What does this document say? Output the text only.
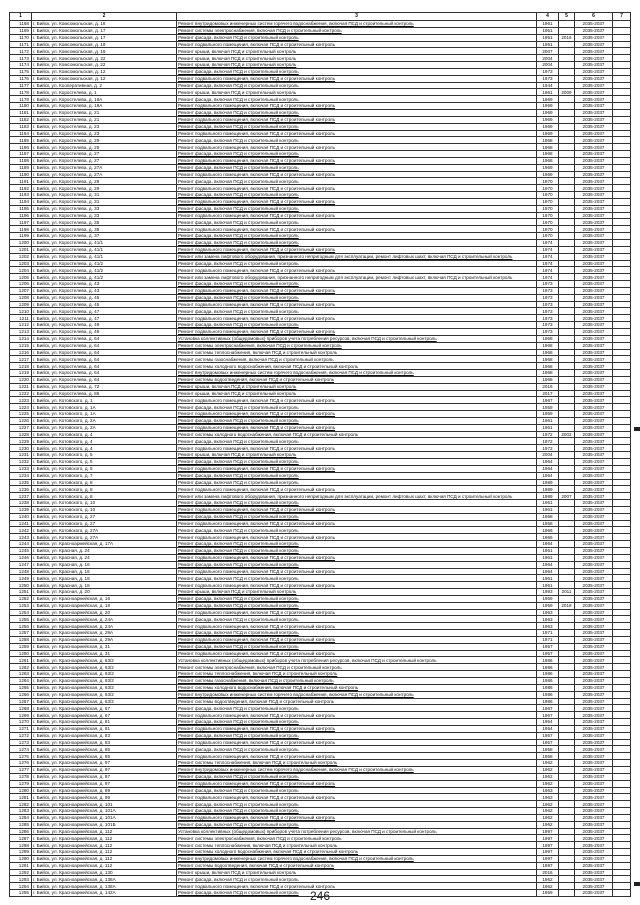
1	2	3	4	5	6	7
1168	г. Бийск, ул. Комсомольская, д. 16	Ремонт внутридомовых инженерных систем горячего водоснабжения, включая ПСД и строительный контроль	1961		2035-2037	
1169	г. Бийск, ул. Комсомольская, д. 17	Ремонт системы электроснабжения, включая ПСД и строительный контроль	1951		2035-2037	
1170	г. Бийск, ул. Комсомольская, д. 17	Ремонт фасада, включая ПСД и строительный контроль	1951	2016	2035-2037	
1171	г. Бийск, ул. Комсомольская, д. 19	Ремонт подвального помещения, включая ПСД и строительный контроль	1951		2035-2037	
1172	г. Бийск, ул. Комсомольская, д. 19	Ремонт крыши, включая ПСД и строительный контроль	2007		2035-2037	
1173	г. Бийск, ул. Комсомольская, д. 22	Ремонт крыши, включая ПСД и строительный контроль	2004		2035-2037	
1174	г. Бийск, ул. Комсомольская, д. 22	Ремонт крыши, включая ПСД и строительный контроль	2004		2035-2037	
1175	г. Бийск, ул. Комсомольская, д. 12	Ремонт фасада, включая ПСД и строительный контроль	1973		2035-2037	
1176	г. Бийск, ул. Комсомольская, д. 12	Ремонт подвального помещения, включая ПСД и строительный контроль	1973		2035-2037	
1177	г. Бийск, ул. Кооперативная, д. 2	Ремонт фасада, включая ПСД и строительный контроль	1944		2035-2037	
1178	г. Бийск, ул. Коростелева, д. 1	Ремонт крыши, включая ПСД и строительный контроль	1961	2009	2035-2037	
1179	г. Бийск, ул. Коростелева, д. 19А	Ремонт фасада, включая ПСД и строительный контроль	1969		2035-2037	
1180	г. Бийск, ул. Коростелева, д. 19А	Ремонт подвального помещения, включая ПСД и строительный контроль	1969		2035-2037	
1181	г. Бийск, ул. Коростелева, д. 21	Ремонт фасада, включая ПСД и строительный контроль	1969		2035-2037	
1182	г. Бийск, ул. Коростелева, д. 21	Ремонт подвального помещения, включая ПСД и строительный контроль	1969		2035-2037	
1183	г. Бийск, ул. Коростелева, д. 23	Ремонт фасада, включая ПСД и строительный контроль	1969		2035-2037	
1184	г. Бийск, ул. Коростелева, д. 23	Ремонт подвального помещения, включая ПСД и строительный контроль	1969		2035-2037	
1185	г. Бийск, ул. Коростелева, д. 25	Ремонт фасада, включая ПСД и строительный контроль	1968		2035-2037	
1186	г. Бийск, ул. Коростелева, д. 25	Ремонт подвального помещения, включая ПСД и строительный контроль	1968		2035-2037	
1187	г. Бийск, ул. Коростелева, д. 27	Ремонт фасада, включая ПСД и строительный контроль	1968		2035-2037	
1188	г. Бийск, ул. Коростелева, д. 27	Ремонт подвального помещения, включая ПСД и строительный контроль	1968		2035-2037	
1189	г. Бийск, ул. Коростелева, д. 27А	Ремонт фасада, включая ПСД и строительный контроль	1969		2035-2037	
1190	г. Бийск, ул. Коростелева, д. 27А	Ремонт подвального помещения, включая ПСД и строительный контроль	1969		2035-2037	
1191	г. Бийск, ул. Коростелева, д. 29	Ремонт фасада, включая ПСД и строительный контроль	1970		2035-2037	
1192	г. Бийск, ул. Коростелева, д. 29	Ремонт подвального помещения, включая ПСД и строительный контроль	1970		2035-2037	
1193	г. Бийск, ул. Коростелева, д. 31	Ремонт фасада, включая ПСД и строительный контроль	1970		2035-2037	
1194	г. Бийск, ул. Коростелева, д. 31	Ремонт подвального помещения, включая ПСД и строительный контроль	1970		2035-2037	
1195	г. Бийск, ул. Коростелева, д. 33	Ремонт фасада, включая ПСД и строительный контроль	1970		2035-2037	
1196	г. Бийск, ул. Коростелева, д. 33	Ремонт подвального помещения, включая ПСД и строительный контроль	1970		2035-2037	
1197	г. Бийск, ул. Коростелева, д. 35	Ремонт фасада, включая ПСД и строительный контроль	1970		2035-2037	
1198	г. Бийск, ул. Коростелева, д. 35	Ремонт подвального помещения, включая ПСД и строительный контроль	1970		2035-2037	
1199	г. Бийск, ул. Коростелева, д. 37	Ремонт фасада, включая ПСД и строительный контроль	1970		2035-2037	
1200	г. Бийск, ул. Коростелева, д. 41/1	Ремонт фасада, включая ПСД и строительный контроль	1974		2035-2037	
1201	г. Бийск, ул. Коростелева, д. 41/1	Ремонт подвального помещения, включая ПСД и строительный контроль	1974		2035-2037	
1202	г. Бийск, ул. Коростелева, д. 41/1	Ремонт или замена лифтового оборудования, признанного непригодным для эксплуатации, ремонт лифтовых шахт, включая ПСД и строительный контроль	1974		2035-2037	
1203	г. Бийск, ул. Коростелева, д. 41/2	Ремонт фасада, включая ПСД и строительный контроль	1974		2035-2037	
1204	г. Бийск, ул. Коростелева, д. 41/2	Ремонт подвального помещения, включая ПСД и строительный контроль	1974		2035-2037	
1205	г. Бийск, ул. Коростелева, д. 41/2	Ремонт или замена лифтового оборудования, признанного непригодным для эксплуатации, ремонт лифтовых шахт, включая ПСД и строительный контроль	1974		2035-2037	
1206	г. Бийск, ул. Коростелева, д. 43	Ремонт фасада, включая ПСД и строительный контроль	1973		2035-2037	
1207	г. Бийск, ул. Коростелева, д. 43	Ремонт подвального помещения, включая ПСД и строительный контроль	1973		2035-2037	
1208	г. Бийск, ул. Коростелева, д. 45	Ремонт фасада, включая ПСД и строительный контроль	1973		2035-2037	
1209	г. Бийск, ул. Коростелева, д. 45	Ремонт подвального помещения, включая ПСД и строительный контроль	1973		2035-2037	
1210	г. Бийск, ул. Коростелева, д. 47	Ремонт фасада, включая ПСД и строительный контроль	1973		2035-2037	
1211	г. Бийск, ул. Коростелева, д. 47	Ремонт подвального помещения, включая ПСД и строительный контроль	1973		2035-2037	
1212	г. Бийск, ул. Коростелева, д. 49	Ремонт фасада, включая ПСД и строительный контроль	1973		2035-2037	
1213	г. Бийск, ул. Коростелева, д. 49	Ремонт подвального помещения, включая ПСД и строительный контроль	1973		2035-2037	
1214	г. Бийск, ул. Коростелева, д. 64	Установка коллективных (общедомовых) приборов учета потребления ресурсов, включая ПСД и строительный контроль	1968		2035-2037	
1215	г. Бийск, ул. Коростелева, д. 64	Ремонт системы электроснабжения, включая ПСД и строительный контроль	1968		2035-2037	
1216	г. Бийск, ул. Коростелева, д. 64	Ремонт системы теплоснабжения, включая ПСД и строительный контроль	1968		2035-2037	
1217	г. Бийск, ул. Коростелева, д. 64	Ремонт системы газоснабжения, включая ПСД и строительный контроль	1968		2035-2037	
1218	г. Бийск, ул. Коростелева, д. 64	Ремонт системы холодного водоснабжения, включая ПСД и строительный контроль	1968		2035-2037	
1219	г. Бийск, ул. Коростелева, д. 64	Ремонт внутридомовых инженерных систем горячего водоснабжения, включая ПСД и строительный контроль	1968		2035-2037	
1220	г. Бийск, ул. Коростелева, д. 64	Ремонт системы водоотведения, включая ПСД и строительный контроль	1968		2035-2037	
1221	г. Бийск, ул. Коростелева, д. 72	Ремонт крыши, включая ПСД и строительный контроль	2016		2035-2037	
1222	г. Бийск, ул. Коростелева, д. 86	Ремонт крыши, включая ПСД и строительный контроль	2017		2035-2037	
1223	г. Бийск, ул. Котовского, д. 1	Ремонт подвального помещения, включая ПСД и строительный контроль	1967		2035-2037	
1224	г. Бийск, ул. Котовского, д. 1А	Ремонт фасада, включая ПСД и строительный контроль	1959		2035-2037	
1225	г. Бийск, ул. Котовского, д. 1А	Ремонт подвального помещения, включая ПСД и строительный контроль	1959		2035-2037	
1226	г. Бийск, ул. Котовского, д. 2А	Ремонт фасада, включая ПСД и строительный контроль	1961		2035-2037	
1227	г. Бийск, ул. Котовского, д. 2А	Ремонт подвального помещения, включая ПСД и строительный контроль	1961		2035-2037	
1228	г. Бийск, ул. Котовского, д. 4	Ремонт системы холодного водоснабжения, включая ПСД и строительный контроль	1972	2002	2035-2037	
1229	г. Бийск, ул. Котовского, д. 4	Ремонт фасада, включая ПСД и строительный контроль	1972		2035-2037	
1230	г. Бийск, ул. Котовского, д. 4	Ремонт подвального помещения, включая ПСД и строительный контроль	1972		2035-2037	
1231	г. Бийск, ул. Котовского, д. 5	Ремонт крыши, включая ПСД и строительный контроль	2004		2035-2037	
1232	г. Бийск, ул. Котовского, д. 5	Ремонт фасада, включая ПСД и строительный контроль	1964		2035-2037	
1233	г. Бийск, ул. Котовского, д. 5	Ремонт подвального помещения, включая ПСД и строительный контроль	1964		2035-2037	
1234	г. Бийск, ул. Котовского, д. 7	Ремонт фасада, включая ПСД и строительный контроль	1964		2035-2037	
1235	г. Бийск, ул. Котовского, д. 8	Ремонт фасада, включая ПСД и строительный контроль	1989		2035-2037	
1236	г. Бийск, ул. Котовского, д. 8	Ремонт подвального помещения, включая ПСД и строительный контроль	1989		2035-2037	
1237	г. Бийск, ул. Котовского, д. 8	Ремонт или замена лифтового оборудования, признанного непригодным для эксплуатации, ремонт лифтовых шахт, включая ПСД и строительный контроль	1989	2007	2035-2037	
1238	г. Бийск, ул. Котовского, д. 10	Ремонт фасада, включая ПСД и строительный контроль	1961		2035-2037	
1239	г. Бийск, ул. Котовского, д. 10	Ремонт подвального помещения, включая ПСД и строительный контроль	1961		2035-2037	
1240	г. Бийск, ул. Котовского, д. 27	Ремонт фасада, включая ПСД и строительный контроль	1958		2035-2037	
1241	г. Бийск, ул. Котовского, д. 27	Ремонт подвального помещения, включая ПСД и строительный контроль	1958		2035-2037	
1242	г. Бийск, ул. Котовского, д. 27А	Ремонт фасада, включая ПСД и строительный контроль	1966		2035-2037	
1243	г. Бийск, ул. Котовского, д. 27А	Ремонт подвального помещения, включая ПСД и строительный контроль	1966		2035-2037	
1244	г. Бийск, ул. Красноармейская, д. 17А	Ремонт фасада, включая ПСД и строительный контроль	1964		2035-2037	
1245	г. Бийск, ул. Красная, д. 24	Ремонт фасада, включая ПСД и строительный контроль	1961		2035-2037	
1246	г. Бийск, ул. Красная, д. 24	Ремонт подвального помещения, включая ПСД и строительный контроль	1961		2035-2037	
1247	г. Бийск, ул. Красная, д. 16	Ремонт фасада, включая ПСД и строительный контроль	1964		2035-2037	
1248	г. Бийск, ул. Красная, д. 16	Ремонт подвального помещения, включая ПСД и строительный контроль	1964		2035-2037	
1249	г. Бийск, ул. Красная, д. 18	Ремонт фасада, включая ПСД и строительный контроль	1961		2035-2037	
1250	г. Бийск, ул. Красная, д. 18	Ремонт подвального помещения, включая ПСД и строительный контроль	1961		2035-2037	
1251	г. Бийск, ул. Красная, д. 20	Ремонт крыши, включая ПСД и строительный контроль	1993	2011	2035-2037	
1252	г. Бийск, ул. Красноармейская, д. 16	Ремонт фасада, включая ПСД и строительный контроль	1959		2035-2037	
1253	г. Бийск, ул. Красноармейская, д. 18	Ремонт фасада, включая ПСД и строительный контроль	1959	2018	2035-2037	
1254	г. Бийск, ул. Красноармейская, д. 20	Ремонт подвального помещения, включая ПСД и строительный контроль	1963		2035-2037	
1255	г. Бийск, ул. Красноармейская, д. 24А	Ремонт фасада, включая ПСД и строительный контроль	1963		2035-2037	
1256	г. Бийск, ул. Красноармейская, д. 24А	Ремонт подвального помещения, включая ПСД и строительный контроль	1963		2035-2037	
1257	г. Бийск, ул. Красноармейская, д. 29А	Ремонт фасада, включая ПСД и строительный контроль	1971		2035-2037	
1258	г. Бийск, ул. Красноармейская, д. 29А	Ремонт подвального помещения, включая ПСД и строительный контроль	1971		2035-2037	
1259	г. Бийск, ул. Красноармейская, д. 31	Ремонт фасада, включая ПСД и строительный контроль	1957		2035-2037	
1260	г. Бийск, ул. Красноармейская, д. 31	Ремонт подвального помещения, включая ПСД и строительный контроль	1957		2035-2037	
1261	г. Бийск, ул. Красноармейская, д. 63/2	Установка коллективных (общедомовых) приборов учета потребления ресурсов, включая ПСД и строительный контроль	1986		2035-2037	
1262	г. Бийск, ул. Красноармейская, д. 63/2	Ремонт системы электроснабжения, включая ПСД и строительный контроль	1986		2035-2037	
1263	г. Бийск, ул. Красноармейская, д. 63/2	Ремонт системы теплоснабжения, включая ПСД и строительный контроль	1986		2035-2037	
1264	г. Бийск, ул. Красноармейская, д. 63/2	Ремонт системы газоснабжения, включая ПСД и строительный контроль	1986		2035-2037	
1265	г. Бийск, ул. Красноармейская, д. 63/2	Ремонт системы холодного водоснабжения, включая ПСД и строительный контроль	1986		2035-2037	
1266	г. Бийск, ул. Красноармейская, д. 63/2	Ремонт внутридомовых инженерных систем горячего водоснабжения, включая ПСД и строительный контроль	1986		2035-2037	
1267	г. Бийск, ул. Красноармейская, д. 63/2	Ремонт системы водоотведения, включая ПСД и строительный контроль	1986		2035-2037	
1268	г. Бийск, ул. Красноармейская, д. 67	Ремонт фасада, включая ПСД и строительный контроль	1967		2035-2037	
1269	г. Бийск, ул. Красноармейская, д. 67	Ремонт подвального помещения, включая ПСД и строительный контроль	1967		2035-2037	
1270	г. Бийск, ул. Красноармейская, д. 81	Ремонт фасада, включая ПСД и строительный контроль	1954		2035-2037	
1271	г. Бийск, ул. Красноармейская, д. 81	Ремонт подвального помещения, включая ПСД и строительный контроль	1954		2035-2037	
1272	г. Бийск, ул. Красноармейская, д. 83	Ремонт фасада, включая ПСД и строительный контроль	1957		2035-2037	
1273	г. Бийск, ул. Красноармейская, д. 83	Ремонт подвального помещения, включая ПСД и строительный контроль	1957		2035-2037	
1274	г. Бийск, ул. Красноармейская, д. 85	Ремонт фасада, включая ПСД и строительный контроль	1958		2035-2037	
1275	г. Бийск, ул. Красноармейская, д. 85	Ремонт подвального помещения, включая ПСД и строительный контроль	1958		2035-2037	
1276	г. Бийск, ул. Красноармейская, д. 97	Ремонт системы теплоснабжения, включая ПСД и строительный контроль	1962		2035-2037	
1277	г. Бийск, ул. Красноармейская, д. 97	Ремонт внутридомовых инженерных систем горячего водоснабжения, включая ПСД и строительный контроль	1962		2035-2037	
1278	г. Бийск, ул. Красноармейская, д. 97	Ремонт фасада, включая ПСД и строительный контроль	1962		2035-2037	
1279	г. Бийск, ул. Красноармейская, д. 97	Ремонт подвального помещения, включая ПСД и строительный контроль	1962		2035-2037	
1280	г. Бийск, ул. Красноармейская, д. 99	Ремонт фасада, включая ПСД и строительный контроль	1963		2035-2037	
1281	г. Бийск, ул. Красноармейская, д. 99	Ремонт подвального помещения, включая ПСД и строительный контроль	1963		2035-2037	
1282	г. Бийск, ул. Красноармейская, д. 101	Ремонт фасада, включая ПСД и строительный контроль	1962		2035-2037	
1283	г. Бийск, ул. Красноармейская, д. 101А	Ремонт фасада, включая ПСД и строительный контроль	1962		2035-2037	
1284	г. Бийск, ул. Красноармейская, д. 101А	Ремонт подвального помещения, включая ПСД и строительный контроль	1962		2035-2037	
1285	г. Бийск, ул. Красноармейская, д. 101Б	Ремонт фасада, включая ПСД и строительный контроль	1962		2035-2037	
1286	г. Бийск, ул. Красноармейская, д. 112	Установка коллективных (общедомовых) приборов учета потребления ресурсов, включая ПСД и строительный контроль	1997		2035-2037	
1287	г. Бийск, ул. Красноармейская, д. 112	Ремонт системы электроснабжения, включая ПСД и строительный контроль	1997		2035-2037	
1288	г. Бийск, ул. Красноармейская, д. 112	Ремонт системы теплоснабжения, включая ПСД и строительный контроль	1997		2035-2037	
1289	г. Бийск, ул. Красноармейская, д. 112	Ремонт системы холодного водоснабжения, включая ПСД и строительный контроль	1997		2035-2037	
1290	г. Бийск, ул. Красноармейская, д. 112	Ремонт внутридомовых инженерных систем горячего водоснабжения, включая ПСД и строительный контроль	1997		2035-2037	
1291	г. Бийск, ул. Красноармейская, д. 112	Ремонт системы водоотведения, включая ПСД и строительный контроль	1997		2035-2037	
1292	г. Бийск, ул. Красноармейская, д. 130	Ремонт крыши, включая ПСД и строительный контроль	2016		2035-2037	
1293	г. Бийск, ул. Красноармейская, д. 138А	Ремонт фасада, включая ПСД и строительный контроль	1962		2035-2037	
1294	г. Бийск, ул. Красноармейская, д. 138А	Ремонт подвального помещения, включая ПСД и строительный контроль	1962		2035-2037	
1295	г. Бийск, ул. Красноармейская, д. 142А	Ремонт фасада, включая ПСД и строительный контроль	1959		2035-2037	
246
